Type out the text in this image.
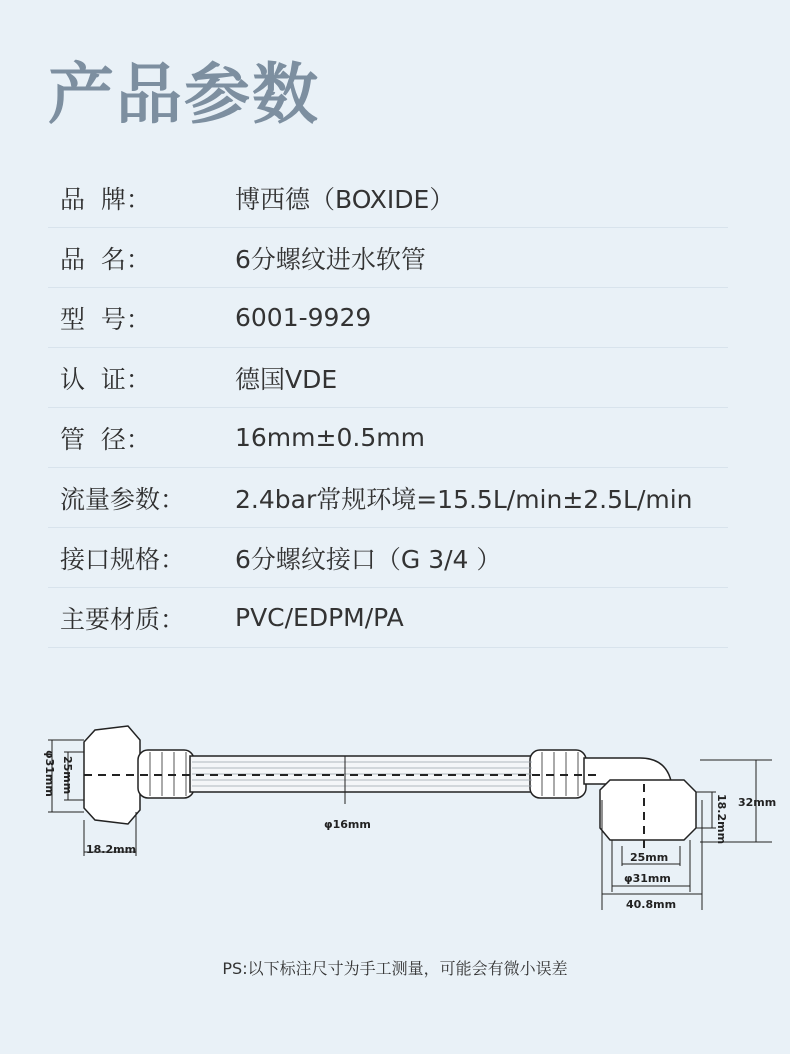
产品参数
品  牌：	博西德（BOXIDE）
品  名：	6分螺纹进水软管
型  号：	6001-9929
认  证：	德国VDE
管  径：	16mm±0.5mm
流量参数：	2.4bar常规环境=15.5L/min±2.5L/min
接口规格：	6分螺纹接口（G 3/4 ）
主要材质：	PVC/EDPM/PA
25mm
φ31mm
18.2mm
φ16mm
32mm
18.2mm
25mm
φ31mm
40.8mm
PS:以下标注尺寸为手工测量，可能会有微小误差
